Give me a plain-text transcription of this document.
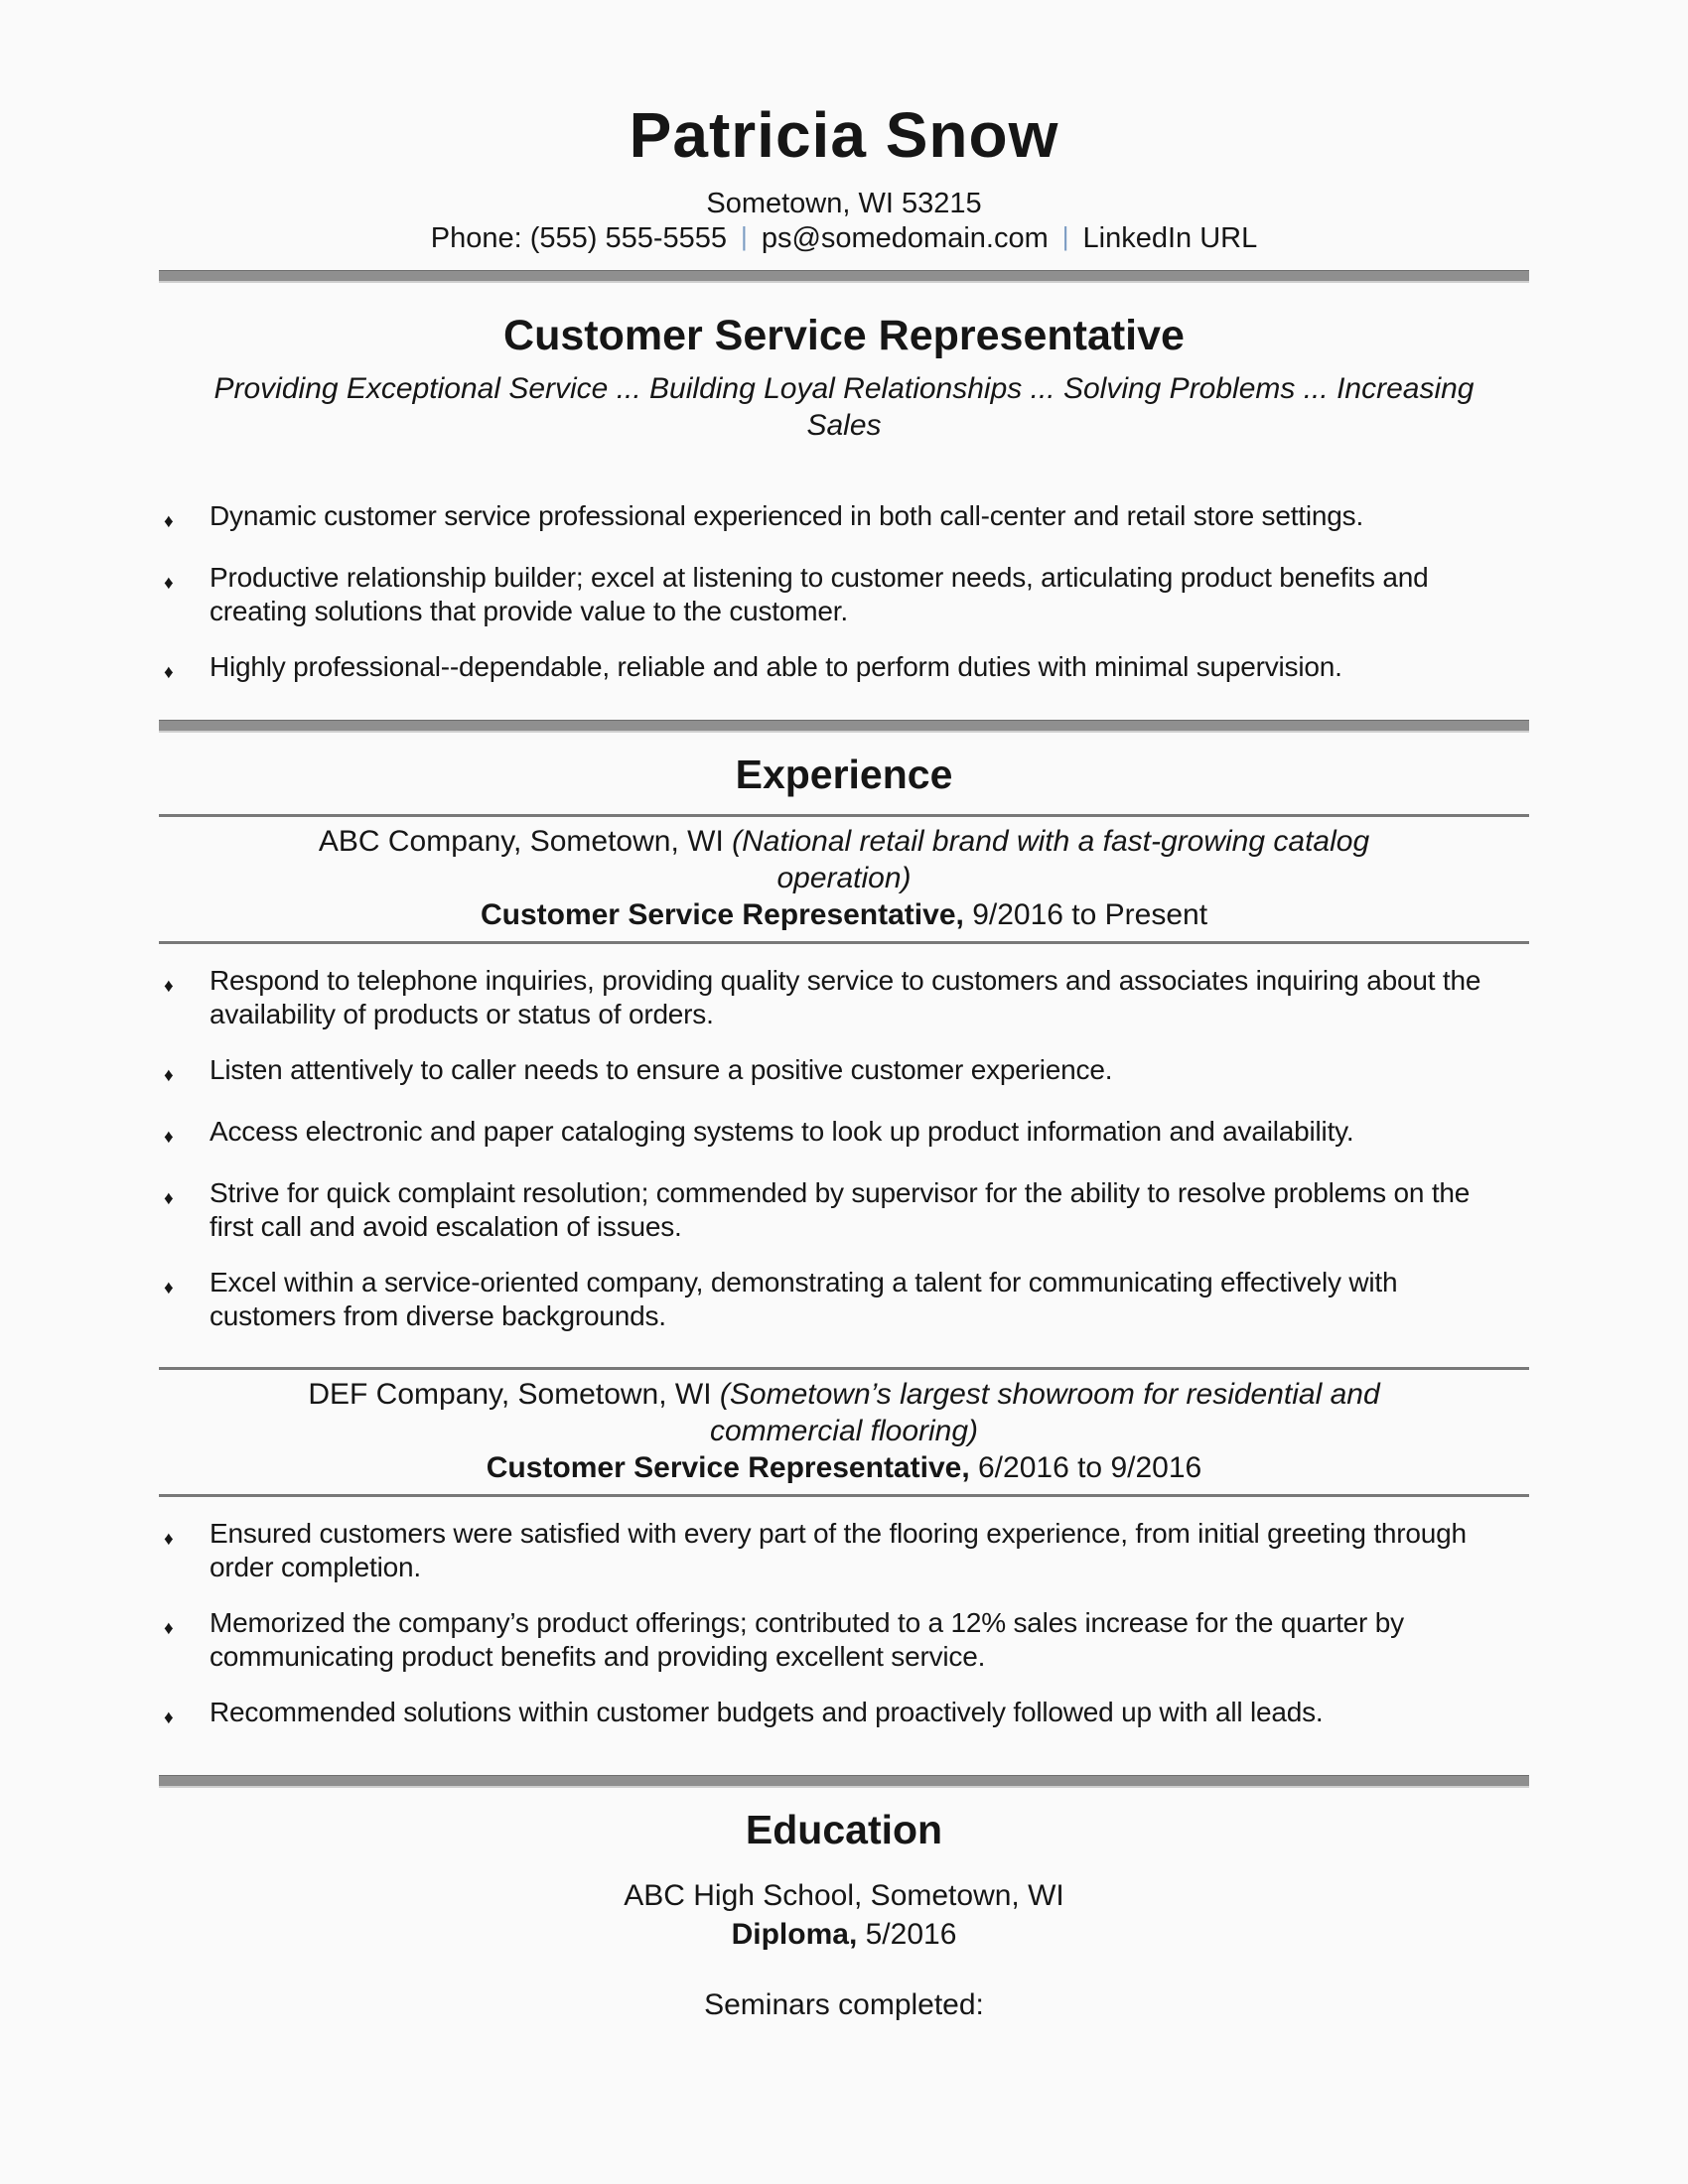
Patricia Snow
Sometown, WI 53215
Phone: (555) 555-5555 | ps@somedomain.com | LinkedIn URL
Customer Service Representative
Providing Exceptional Service ... Building Loyal Relationships ... Solving Problems ... Increasing Sales
♦	Dynamic customer service professional experienced in both call-center and retail store settings.
♦	Productive relationship builder; excel at listening to customer needs, articulating product benefits and creating solutions that provide value to the customer.
♦	Highly professional--dependable, reliable and able to perform duties with minimal supervision.
Experience
ABC Company, Sometown, WI (National retail brand with a fast-growing catalog operation)
Customer Service Representative, 9/2016 to Present
♦	Respond to telephone inquiries, providing quality service to customers and associates inquiring about the availability of products or status of orders.
♦	Listen attentively to caller needs to ensure a positive customer experience.
♦	Access electronic and paper cataloging systems to look up product information and availability.
♦	Strive for quick complaint resolution; commended by supervisor for the ability to resolve problems on the first call and avoid escalation of issues.
♦	Excel within a service-oriented company, demonstrating a talent for communicating effectively with customers from diverse backgrounds.
DEF Company, Sometown, WI (Sometown’s largest showroom for residential and commercial flooring)
Customer Service Representative, 6/2016 to 9/2016
♦	Ensured customers were satisfied with every part of the flooring experience, from initial greeting through order completion.
♦	Memorized the company’s product offerings; contributed to a 12% sales increase for the quarter by communicating product benefits and providing excellent service.
♦	Recommended solutions within customer budgets and proactively followed up with all leads.
Education
ABC High School, Sometown, WI
Diploma, 5/2016
Seminars completed:
